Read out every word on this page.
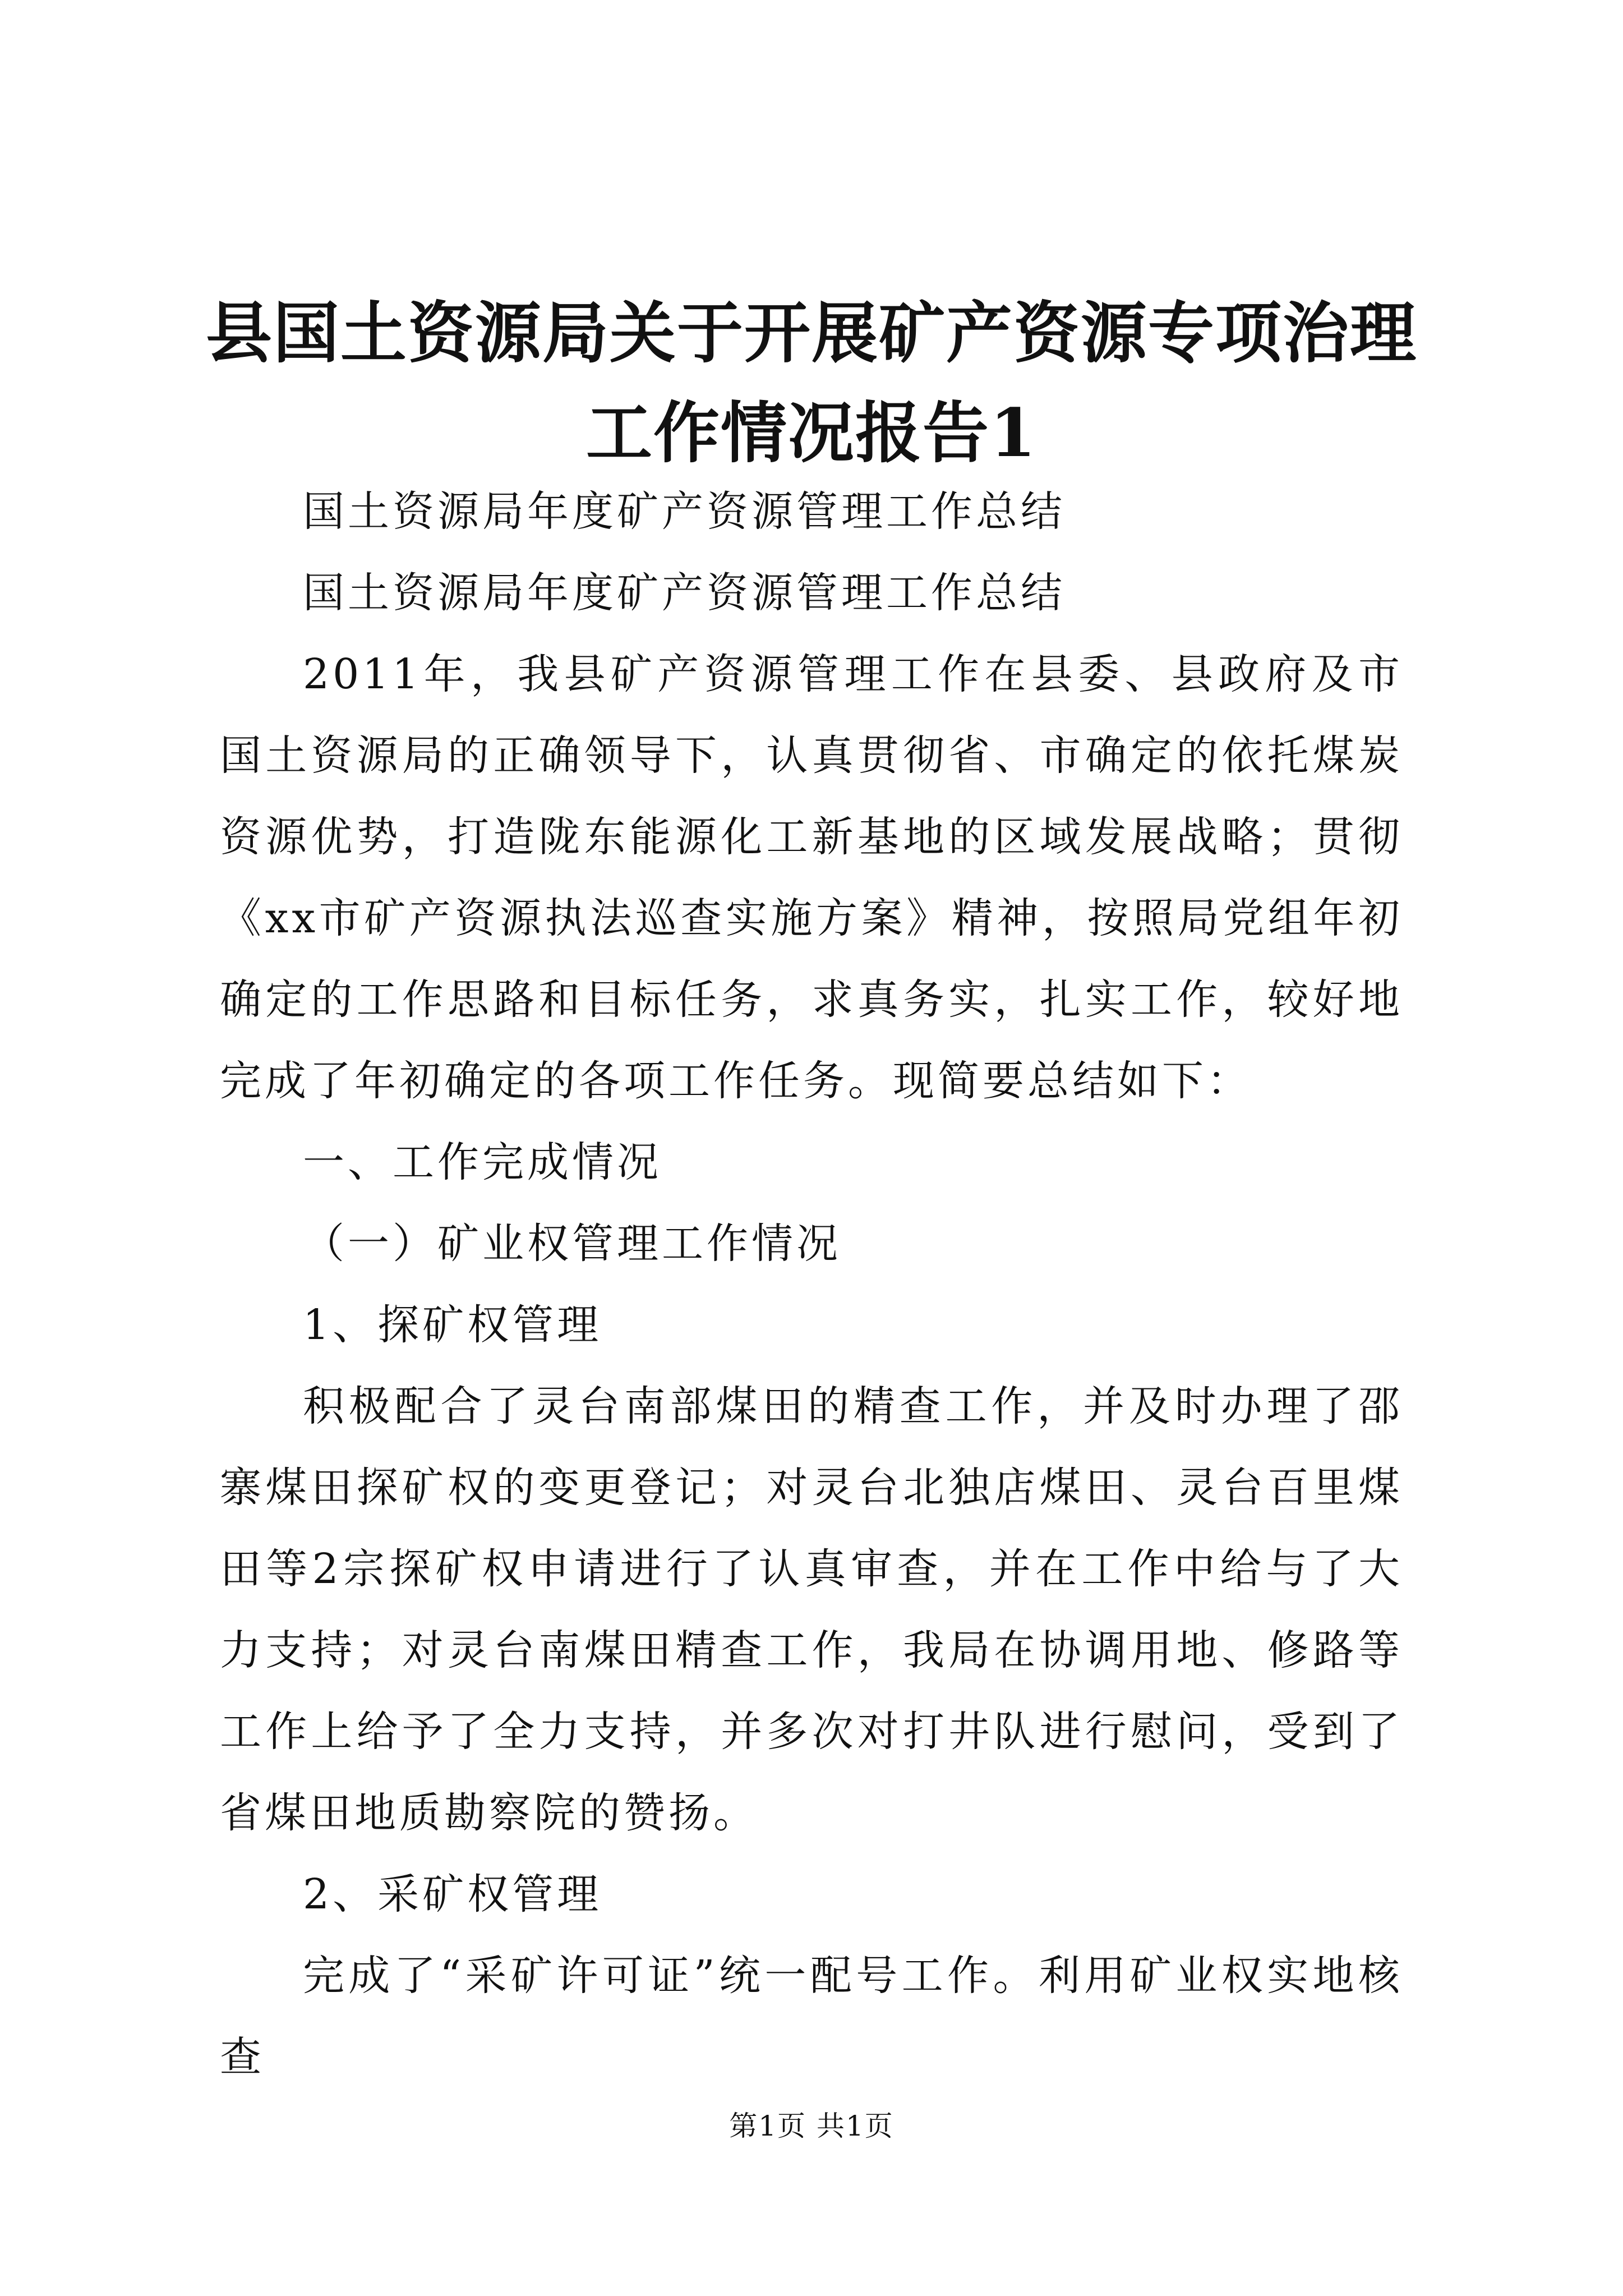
县国土资源局关于开展矿产资源专项治理工作情况报告1

国土资源局年度矿产资源管理工作总结

国土资源局年度矿产资源管理工作总结

2011年，我县矿产资源管理工作在县委、县政府及市国土资源局的正确领导下，认真贯彻省、市确定的依托煤炭资源优势，打造陇东能源化工新基地的区域发展战略；贯彻《xx市矿产资源执法巡查实施方案》精神，按照局党组年初确定的工作思路和目标任务，求真务实，扎实工作，较好地完成了年初确定的各项工作任务。现简要总结如下：

一、工作完成情况

（一）矿业权管理工作情况

1、探矿权管理

积极配合了灵台南部煤田的精查工作，并及时办理了邵寨煤田探矿权的变更登记；对灵台北独店煤田、灵台百里煤田等2宗探矿权申请进行了认真审查，并在工作中给与了大力支持；对灵台南煤田精查工作，我局在协调用地、修路等工作上给予了全力支持，并多次对打井队进行慰问，受到了省煤田地质勘察院的赞扬。

2、采矿权管理

完成了“采矿许可证”统一配号工作。利用矿业权实地核查

第1页 共1页
